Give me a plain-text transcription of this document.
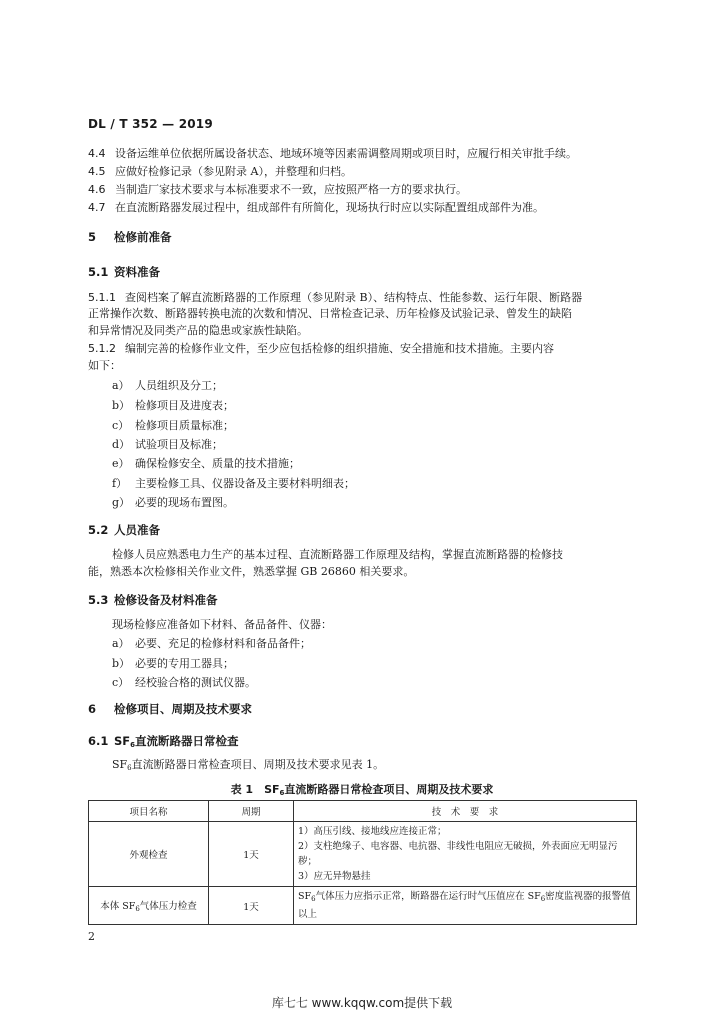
DL / T 352 — 2019
4.4 设备运维单位依据所属设备状态、地域环境等因素需调整周期或项目时，应履行相关审批手续。
4.5 应做好检修记录（参见附录 A），并整理和归档。
4.6 当制造厂家技术要求与本标准要求不一致，应按照严格一方的要求执行。
4.7 在直流断路器发展过程中，组成部件有所简化，现场执行时应以实际配置组成部件为准。
5 检修前准备
5.1 资料准备
5.1.1 查阅档案了解直流断路器的工作原理（参见附录 B）、结构特点、性能参数、运行年限、断路器
正常操作次数、断路器转换电流的次数和情况、日常检查记录、历年检修及试验记录、曾发生的缺陷
和异常情况及同类产品的隐患或家族性缺陷。
5.1.2 编制完善的检修作业文件，至少应包括检修的组织措施、安全措施和技术措施。主要内容
如下：
a） 人员组织及分工；
b） 检修项目及进度表；
c） 检修项目质量标准；
d） 试验项目及标准；
e） 确保检修安全、质量的技术措施；
f） 主要检修工具、仪器设备及主要材料明细表；
g） 必要的现场布置图。
5.2 人员准备
检修人员应熟悉电力生产的基本过程、直流断路器工作原理及结构，掌握直流断路器的检修技
能，熟悉本次检修相关作业文件，熟悉掌握 GB 26860 相关要求。
5.3 检修设备及材料准备
现场检修应准备如下材料、备品备件、仪器：
a） 必要、充足的检修材料和备品备件；
b） 必要的专用工器具；
c） 经校验合格的测试仪器。
6 检修项目、周期及技术要求
6.1 $SF_6$直流断路器日常检查
$SF_6$直流断路器日常检查项目、周期及技术要求见表 1。
表 1　$SF_6$直流断路器日常检查项目、周期及技术要求
项目名称	周期	技　术　要　求
外观检查	1天	1）高压引线、接地线应连接正常；
2）支柱绝缘子、电容器、电抗器、非线性电阻应无破损，外表面应无明显污秽；
3）应无异物悬挂

本体 $SF_6$气体压力检查	1天	$SF_6$气体压力应指示正常，断路器在运行时气压值应在 $SF_6$密度监视器的报警值以上
2
库七七 www.kqqw.com提供下载
